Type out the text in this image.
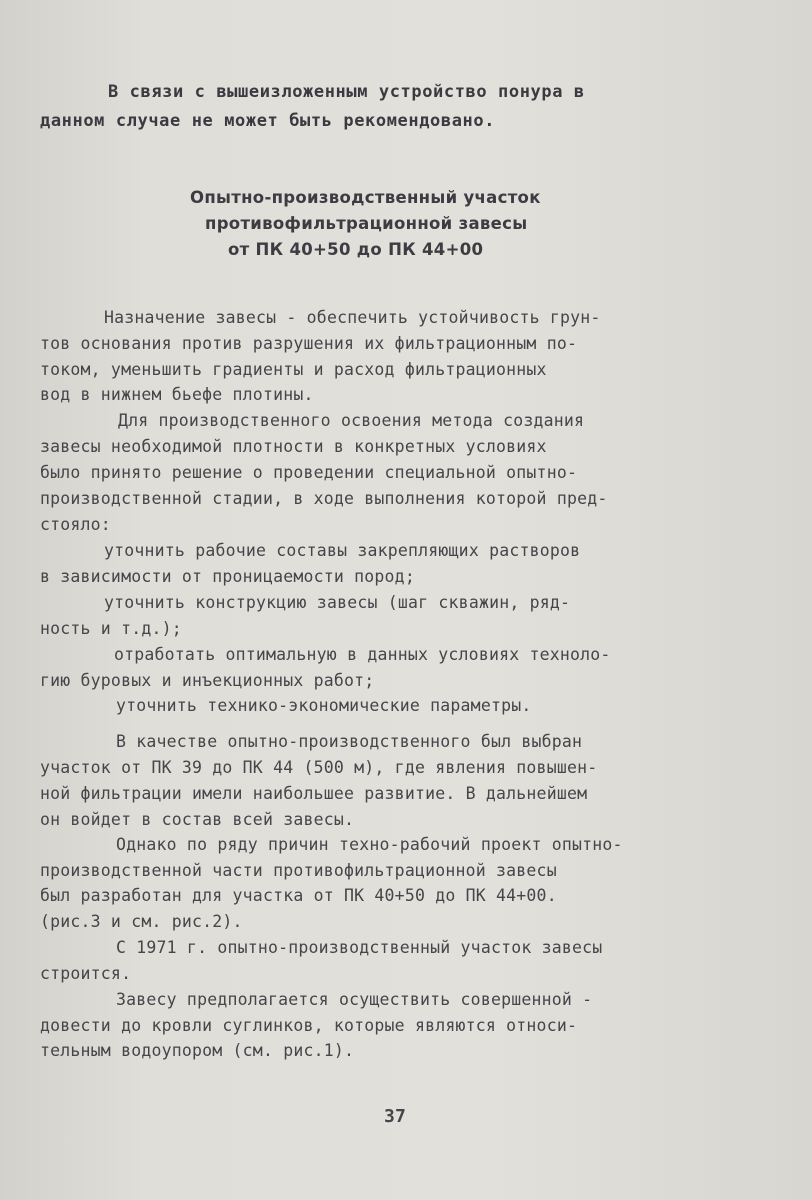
В связи с вышеизложенным устройство понура в
данном случае не может быть рекомендовано.
Опытно-производственный участок
противофильтрационной завесы
от ПК 40+50 до ПК 44+00
Назначение завесы - обеспечить устойчивость грун-
тов основания против разрушения их фильтрационным по-
током, уменьшить градиенты и расход фильтрационных
вод в нижнем бьефе плотины.
Для производственного освоения метода создания
завесы необходимой плотности в конкретных условиях
было принято решение о проведении специальной опытно-
производственной стадии, в ходе выполнения которой пред-
стояло:
уточнить рабочие составы закрепляющих растворов
в зависимости от проницаемости пород;
уточнить конструкцию завесы (шаг скважин, ряд-
ность и т.д.);
отработать оптимальную в данных условиях техноло-
гию буровых и инъекционных работ;
уточнить технико-экономические параметры.
В качестве опытно-производственного был выбран
участок от ПК 39 до ПК 44 (500 м), где явления повышен-
ной фильтрации имели наибольшее развитие. В дальнейшем
он войдет в состав всей завесы.
Однако по ряду причин техно-рабочий проект опытно-
производственной части противофильтрационной завесы
был разработан для участка от ПК 40+50 до ПК 44+00.
(рис.3 и см. рис.2).
С 1971 г. опытно-производственный участок завесы
строится.
Завесу предполагается осуществить совершенной -
довести до кровли суглинков, которые являются относи-
тельным водоупором (см. рис.1).
37
